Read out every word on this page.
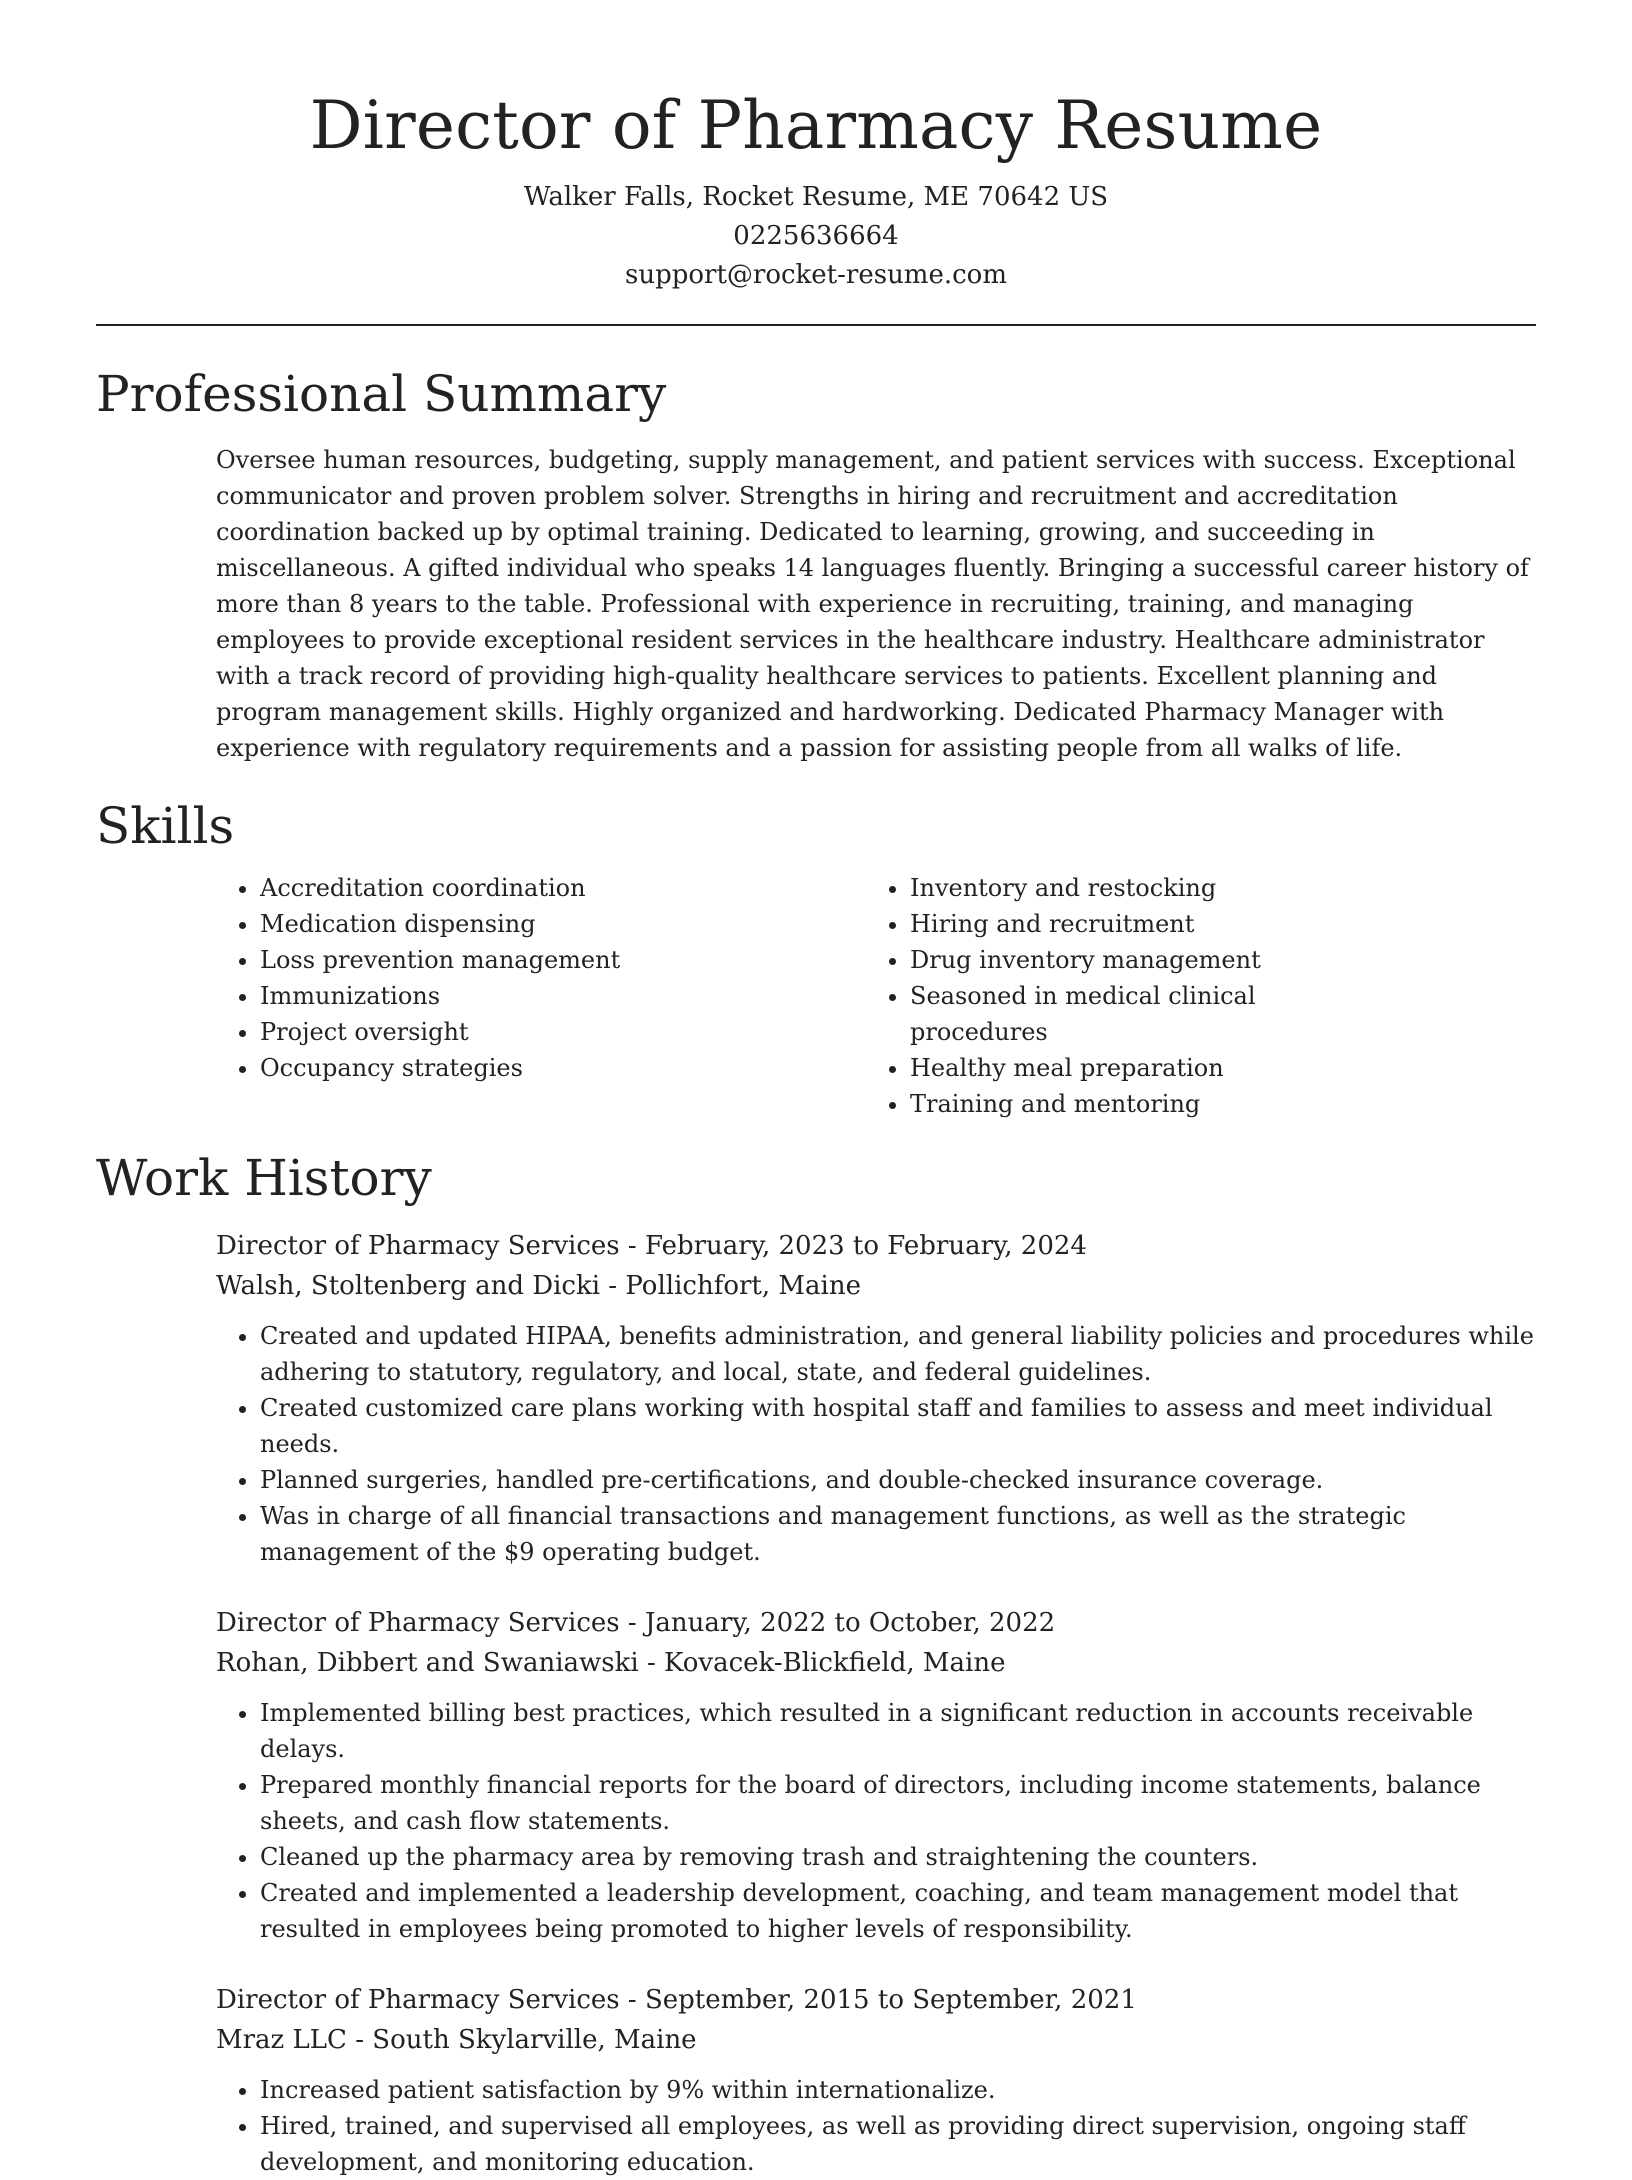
Director of Pharmacy Resume
Walker Falls, Rocket Resume, ME 70642 US
0225636664
support@rocket-resume.com
Professional Summary

Oversee human resources, budgeting, supply management, and patient services with success. Exceptional communicator and proven problem solver. Strengths in hiring and recruitment and accreditation coordination backed up by optimal training. Dedicated to learning, growing, and succeeding in miscellaneous. A gifted individual who speaks 14 languages fluently. Bringing a successful career history of more than 8 years to the table. Professional with experience in recruiting, training, and managing employees to provide exceptional resident services in the healthcare industry. Healthcare administrator with a track record of providing high-quality healthcare services to patients. Excellent planning and program management skills. Highly organized and hardworking. Dedicated Pharmacy Manager with experience with regulatory requirements and a passion for assisting people from all walks of life.

Skills
• Accreditation coordination
• Medication dispensing
• Loss prevention management
• Immunizations
• Project oversight
• Occupancy strategies
• Inventory and restocking
• Hiring and recruitment
• Drug inventory management
• Seasoned in medical clinical procedures
• Healthy meal preparation
• Training and mentoring
Work History
Director of Pharmacy Services - February, 2023 to February, 2024
Walsh, Stoltenberg and Dicki - Pollichfort, Maine
• Created and updated HIPAA, benefits administration, and general liability policies and procedures while adhering to statutory, regulatory, and local, state, and federal guidelines.
• Created customized care plans working with hospital staff and families to assess and meet individual needs.
• Planned surgeries, handled pre-certifications, and double-checked insurance coverage.
• Was in charge of all financial transactions and management functions, as well as the strategic management of the $9 operating budget.
Director of Pharmacy Services - January, 2022 to October, 2022
Rohan, Dibbert and Swaniawski - Kovacek-Blickfield, Maine
• Implemented billing best practices, which resulted in a significant reduction in accounts receivable delays.
• Prepared monthly financial reports for the board of directors, including income statements, balance sheets, and cash flow statements.
• Cleaned up the pharmacy area by removing trash and straightening the counters.
• Created and implemented a leadership development, coaching, and team management model that resulted in employees being promoted to higher levels of responsibility.
Director of Pharmacy Services - September, 2015 to September, 2021
Mraz LLC - South Skylarville, Maine
• Increased patient satisfaction by 9% within internationalize.
• Hired, trained, and supervised all employees, as well as providing direct supervision, ongoing staff development, and monitoring education.
